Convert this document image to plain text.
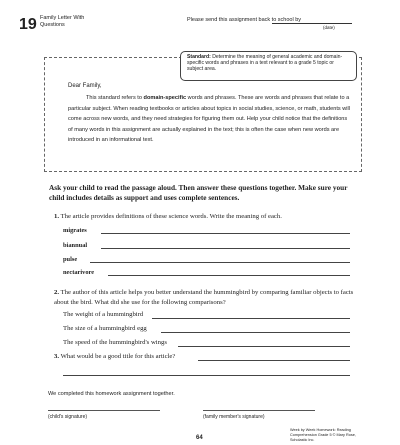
19 Family Letter With Questions
Please send this assignment back to school by
(date)
Standard: Determine the meaning of general academic and domain-specific words and phrases in a text relevant to a grade 5 topic or subject area.
Dear Family,
This standard refers to domain-specific words and phrases. These are words and phrases that relate to a particular subject. When reading textbooks or articles about topics in social studies, science, or math, students will come across new words, and they need strategies for figuring them out. Help your child notice that the definitions of many words in this assignment are actually explained in the text; this is often the case when new words are introduced in an informational text.
Ask your child to read the passage aloud. Then answer these questions together. Make sure your child includes details as support and uses complete sentences.
1. The article provides definitions of these science words. Write the meaning of each.
migrates
biannual
pulse
nectarivore
2. The author of this article helps you better understand the hummingbird by comparing familiar objects to facts about the bird. What did she use for the following comparisons?
The weight of a hummingbird
The size of a hummingbird egg
The speed of the hummingbird's wings
3. What would be a good title for this article?
We completed this homework assignment together.
(child's signature)	(family member's signature)
64
Week by Week Homework: Reading Comprehension Grade 5 © Mary Rose, Scholastic Inc.
